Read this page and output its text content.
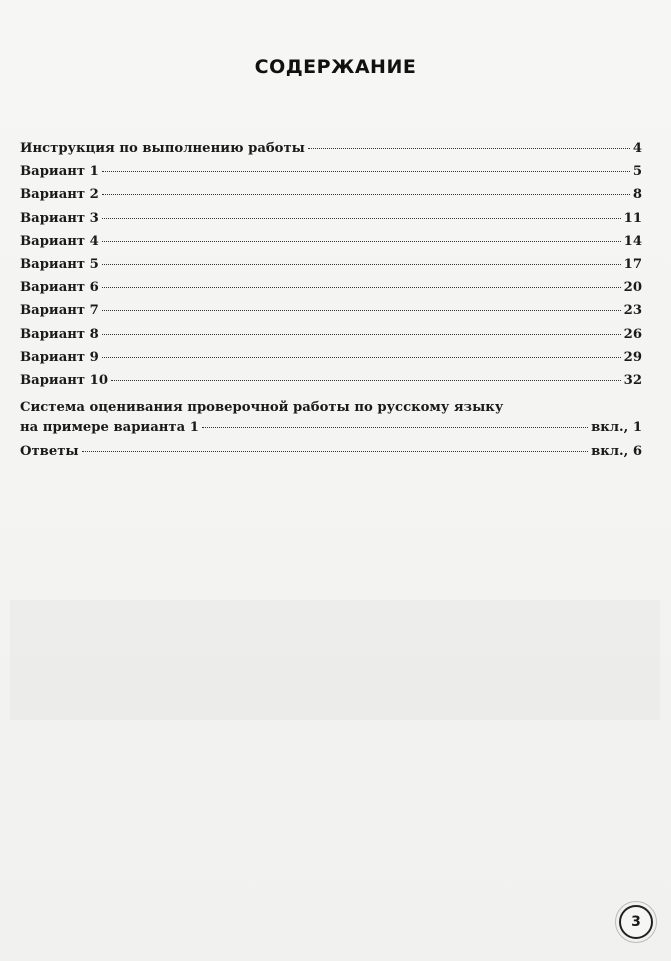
СОДЕРЖАНИЕ
Инструкция по выполнению работы	4
Вариант 1	5
Вариант 2	8
Вариант 3	11
Вариант 4	14
Вариант 5	17
Вариант 6	20
Вариант 7	23
Вариант 8	26
Вариант 9	29
Вариант 10	32
Система оценивания проверочной работы по русскому языку
на примере варианта 1	вкл., 1
Ответы	вкл., 6
3
